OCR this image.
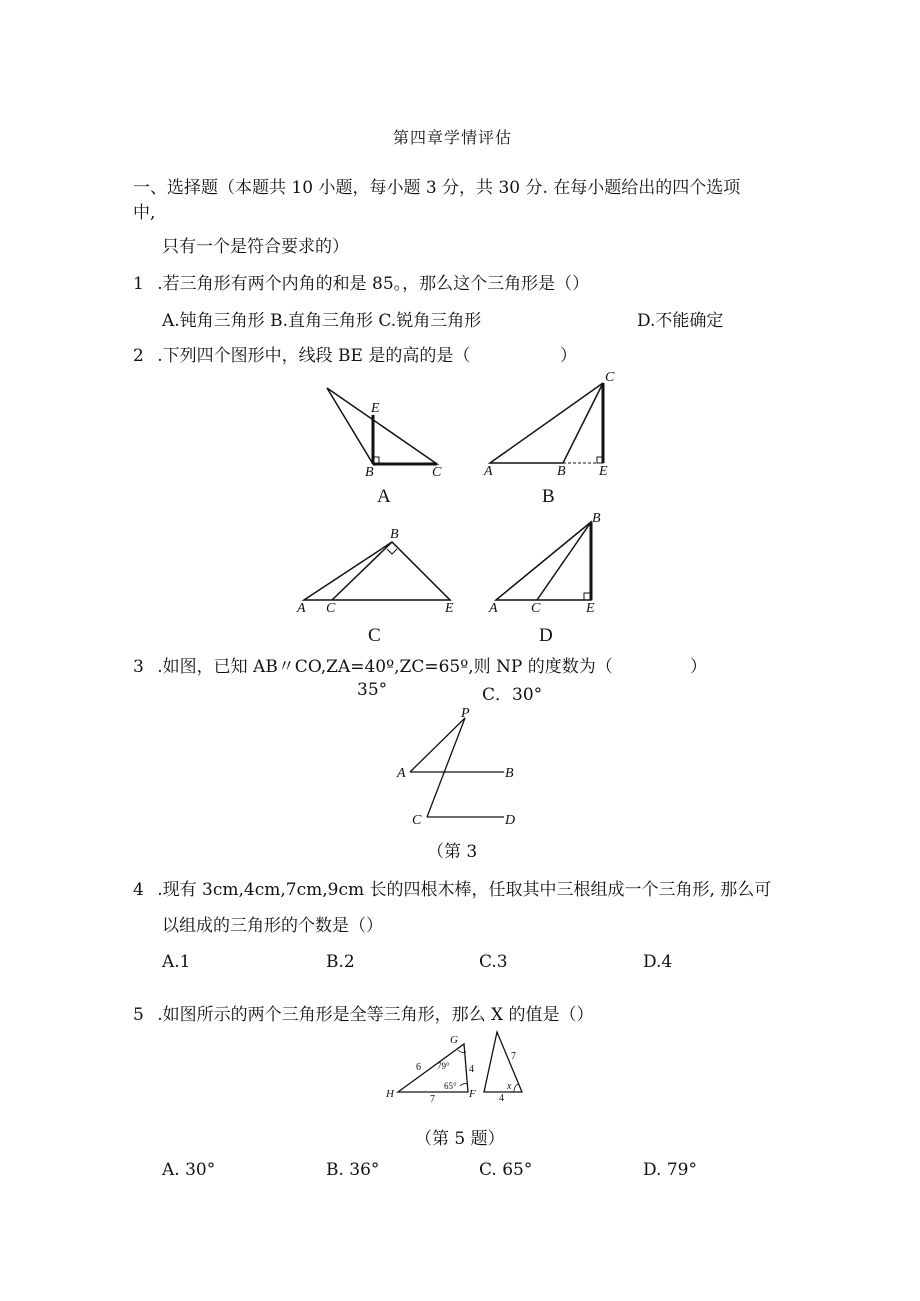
第四章学情评估
一、选择题（本题共 10 小题，每小题 3 分，共 30 分. 在每小题给出的四个选项
中,
只有一个是符合要求的）
1 .若三角形有两个内角的和是 85。，那么这个三角形是（）
A.钝角三角形 B.直角三角形 C.锐角三角形	D.不能确定
2 .下列四个图形中，线段 BE 是的高的是（	）
E
B	C
A
C
A	B E
B
B
A C	E
C
B
A C	E
D
3 .如图，已知 AB〃CO,ZA=40º,ZC=65º,则 NP 的度数为（	）
35°	C．30°
P
A	B
C	D
（第 3
4 .现有 3cm,4cm,7cm,9cm 长的四根木棒，任取其中三根组成一个三角形, 那么可
以组成的三角形的个数是（）
A.1	B.2	C.3	D.4
5 .如图所示的两个三角形是全等三角形，那么 X 的值是（）
G
H	F
6	4
7
79°
65°
7
4
x
（第 5 题）
A. 30°	B. 36°	C. 65°	D. 79°
